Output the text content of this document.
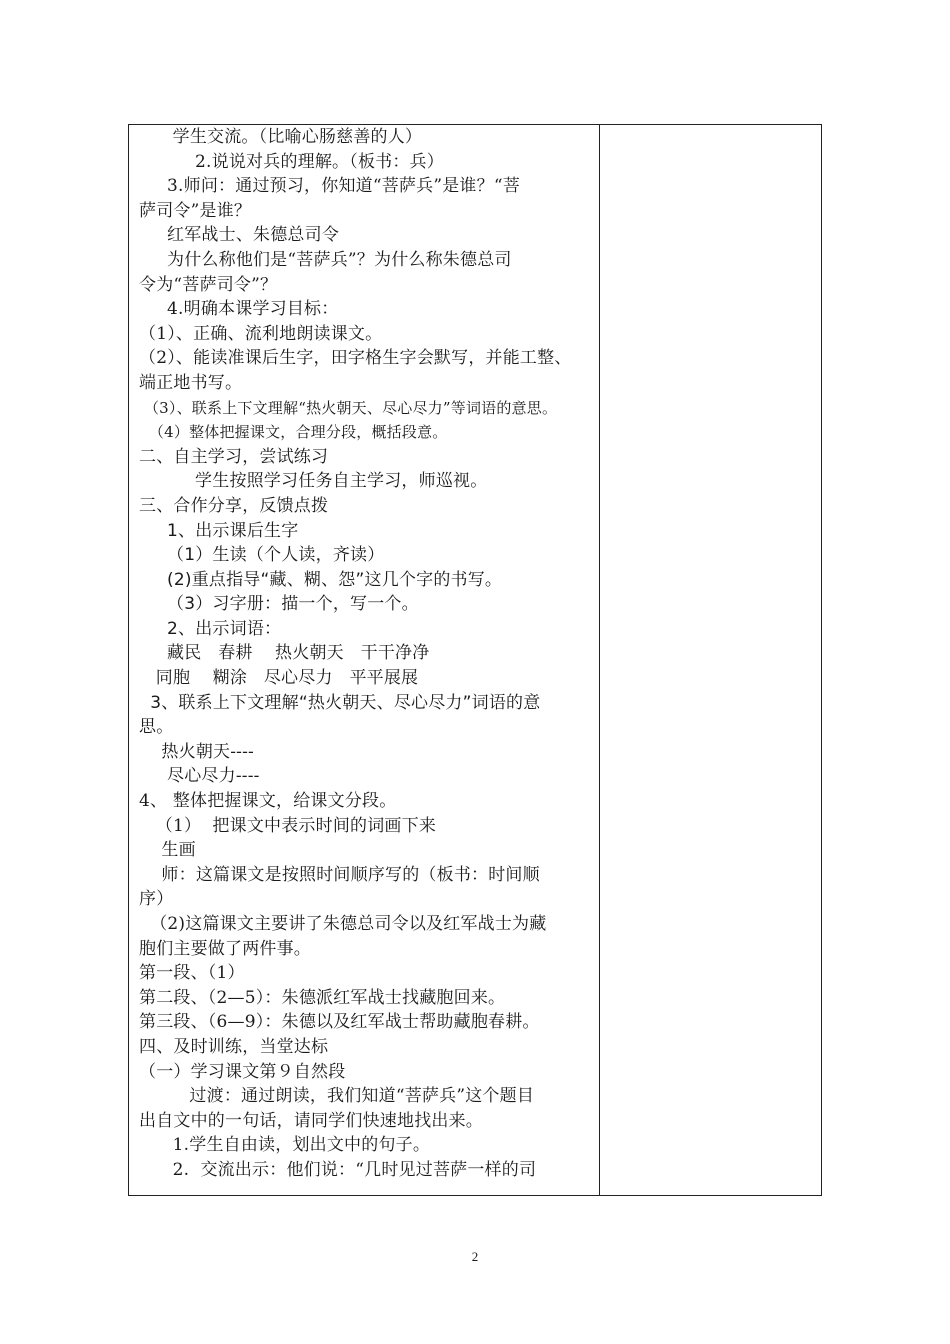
学生交流。（比喻心肠慈善的人）
2.说说对兵的理解。（板书：兵）
3.师问：通过预习，你知道“菩萨兵”是谁？“菩
萨司令”是谁？
红军战士、朱德总司令
为什么称他们是“菩萨兵”？为什么称朱德总司
令为“菩萨司令”？
4.明确本课学习目标：
（1）、正确、流利地朗读课文。
（2）、能读准课后生字，田字格生字会默写，并能工整、
端正地书写。
（3）、联系上下文理解“热火朝天、尽心尽力”等词语的意思。
（4）整体把握课文，合理分段，概括段意。
二、自主学习，尝试练习
学生按照学习任务自主学习，师巡视。
三、合作分享，反馈点拨
1、出示课后生字
（1）生读（个人读，齐读）
(2)重点指导“藏、糊、怨”这几个字的书写。
（3）习字册：描一个，写一个。
2、出示词语：
藏民   春耕    热火朝天   干干净净
同胞    糊涂   尽心尽力   平平展展
3、联系上下文理解“热火朝天、尽心尽力”词语的意
思。
热火朝天----
尽心尽力----
4、 整体把握课文，给课文分段。
（1）  把课文中表示时间的词画下来
生画
师：这篇课文是按照时间顺序写的（板书：时间顺
序）
（2)这篇课文主要讲了朱德总司令以及红军战士为藏
胞们主要做了两件事。
第一段、（1）
第二段、（2—5）：朱德派红军战士找藏胞回来。
第三段、（6—9）：朱德以及红军战士帮助藏胞春耕。
四、及时训练，当堂达标
（一）学习课文第９自然段
过渡：通过朗读，我们知道“菩萨兵”这个题目
出自文中的一句话，请同学们快速地找出来。
1.学生自由读，划出文中的句子。
2.  交流出示：他们说：“几时见过菩萨一样的司
2
